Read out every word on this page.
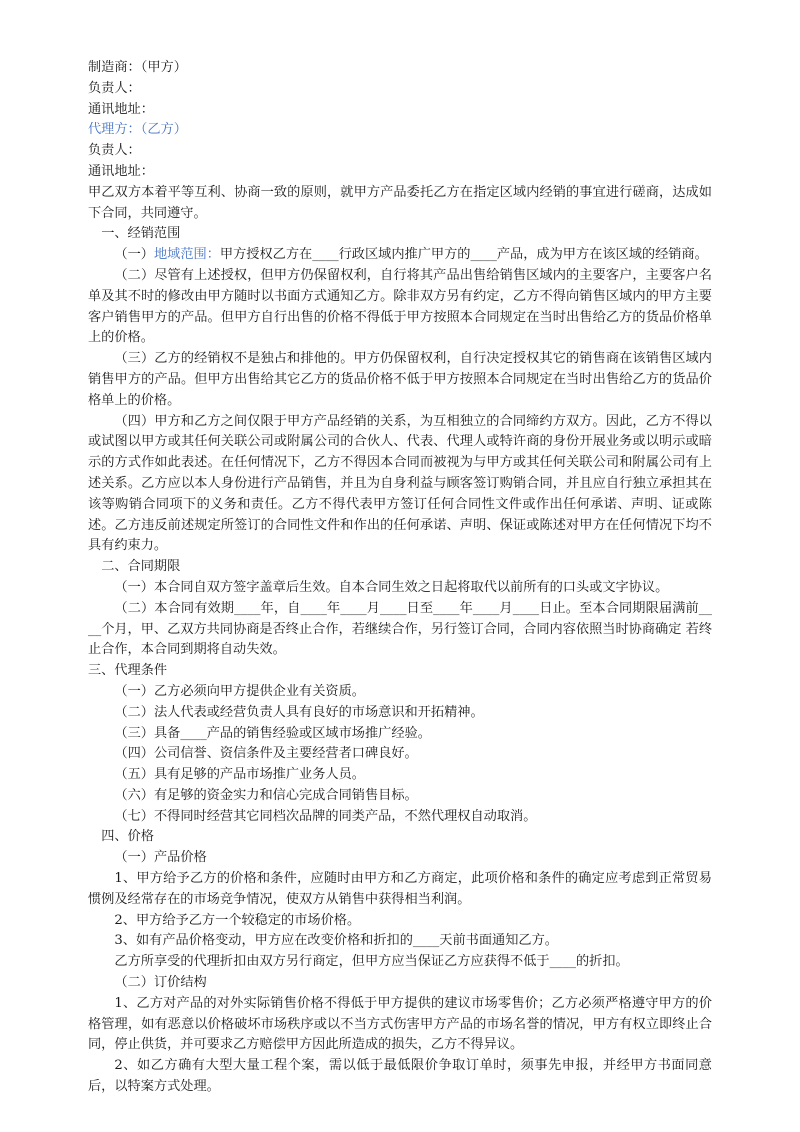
制造商：（甲方）

负责人：

通讯地址：

代理方：（乙方）

负责人：

通讯地址：

甲乙双方本着平等互利、协商一致的原则，就甲方产品委托乙方在指定区域内经销的事宜进行磋商，达成如下合同，共同遵守。

一、经销范围

（一）地域范围：甲方授权乙方在____行政区域内推广甲方的____产品，成为甲方在该区域的经销商。

（二）尽管有上述授权，但甲方仍保留权利，自行将其产品出售给销售区域内的主要客户，主要客户名单及其不时的修改由甲方随时以书面方式通知乙方。除非双方另有约定，乙方不得向销售区域内的甲方主要客户销售甲方的产品。但甲方自行出售的价格不得低于甲方按照本合同规定在当时出售给乙方的货品价格单上的价格。

（三）乙方的经销权不是独占和排他的。甲方仍保留权利，自行决定授权其它的销售商在该销售区域内销售甲方的产品。但甲方出售给其它乙方的货品价格不低于甲方按照本合同规定在当时出售给乙方的货品价格单上的价格。

（四）甲方和乙方之间仅限于甲方产品经销的关系，为互相独立的合同缔约方双方。因此，乙方不得以或试图以甲方或其任何关联公司或附属公司的合伙人、代表、代理人或特许商的身份开展业务或以明示或暗示的方式作如此表述。在任何情况下，乙方不得因本合同而被视为与甲方或其任何关联公司和附属公司有上述关系。乙方应以本人身份进行产品销售，并且为自身利益与顾客签订购销合同，并且应自行独立承担其在该等购销合同项下的义务和责任。乙方不得代表甲方签订任何合同性文件或作出任何承诺、声明、证或陈述。乙方违反前述规定所签订的合同性文件和作出的任何承诺、声明、保证或陈述对甲方在任何情况下均不具有约束力。

二、合同期限

（一）本合同自双方签字盖章后生效。自本合同生效之日起将取代以前所有的口头或文字协议。

（二）本合同有效期____年，自____年____月____日至____年____月____日止。至本合同期限届满前____个月，甲、乙双方共同协商是否终止合作，若继续合作，另行签订合同，合同内容依照当时协商确定 若终止合作，本合同到期将自动失效。

三、代理条件

（一）乙方必须向甲方提供企业有关资质。

（二）法人代表或经营负责人具有良好的市场意识和开拓精神。

（三）具备____产品的销售经验或区域市场推广经验。

（四）公司信誉、资信条件及主要经营者口碑良好。

（五）具有足够的产品市场推广业务人员。

（六）有足够的资金实力和信心完成合同销售目标。

（七）不得同时经营其它同档次品牌的同类产品，不然代理权自动取消。

四、价格

（一）产品价格

1、甲方给予乙方的价格和条件，应随时由甲方和乙方商定，此项价格和条件的确定应考虑到正常贸易惯例及经常存在的市场竞争情况，使双方从销售中获得相当利润。

2、甲方给予乙方一个较稳定的市场价格。

3、如有产品价格变动，甲方应在改变价格和折扣的____天前书面通知乙方。

乙方所享受的代理折扣由双方另行商定，但甲方应当保证乙方应获得不低于____的折扣。

（二）订价结构

1、乙方对产品的对外实际销售价格不得低于甲方提供的建议市场零售价；乙方必须严格遵守甲方的价格管理，如有恶意以价格破坏市场秩序或以不当方式伤害甲方产品的市场名誉的情况，甲方有权立即终止合同，停止供货，并可要求乙方赔偿甲方因此所造成的损失，乙方不得异议。

2、如乙方确有大型大量工程个案，需以低于最低限价争取订单时，须事先申报，并经甲方书面同意后，以特案方式处理。
